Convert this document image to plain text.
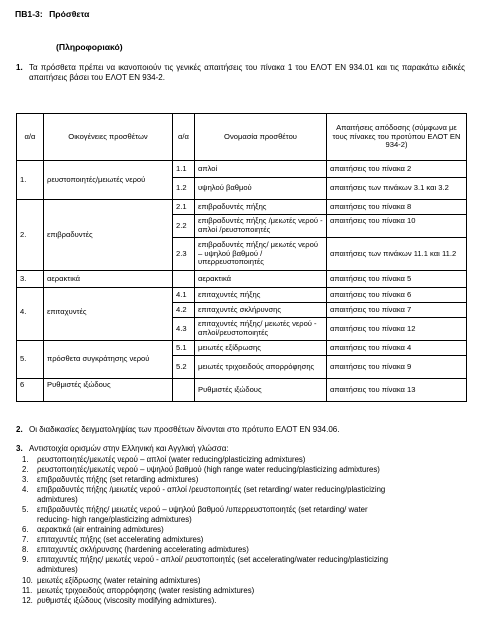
ΠΒ1-3: Πρόσθετα
(Πληροφοριακό)
1. Τα πρόσθετα πρέπει να ικανοποιούν τις γενικές απαιτήσεις του πίνακα 1 του ΕΛΟΤ ΕΝ 934.01 και τις παρακάτω ειδικές απαιτήσεις βάσει του ΕΛΟΤ ΕΝ 934-2.
α/α	Οικογένειες προσθέτων	α/α	Ονομασία προσθέτου	Απαιτήσεις απόδοσης (σύμφωνα με τους πίνακες του προτύπου ΕΛΟΤ ΕΝ 934-2)
1.	ρευστοποιητές/μειωτές νερού	1.1	απλοί	απαιτήσεις του πίνακα 2
		1.2	υψηλού βαθμού	απαιτήσεις των πινάκων 3.1 και 3.2
2.	επιβραδυντές	2.1	επιβραδυντές πήξης	απαιτήσεις του πίνακα 8
		2.2	επιβραδυντές πήξης /μειωτές νερού - απλοί /ρευστοποιητές	απαιτήσεις του πίνακα 10
		2.3	επιβραδυντές πήξης/ μειωτές νερού – υψηλού βαθμού / υπερρευστοποιητές	απαιτήσεις των πινάκων 11.1 και 11.2
3.	αερακτικά		αερακτικά	απαιτήσεις του πίνακα 5
4.	επιταχυντές	4.1	επιταχυντές πήξης	απαιτήσεις του πίνακα 6
		4.2	επιταχυντές σκλήρυνσης	απαιτήσεις του πίνακα 7
		4.3	επιταχυντές πήξης/ μειωτές νερού - απλοί/ρευστοποιητές	απαιτήσεις του πίνακα 12
5.	πρόσθετα συγκράτησης νερού	5.1	μειωτές εξίδρωσης	απαιτήσεις του πίνακα 4
		5.2	μειωτές τριχοειδούς απορρόφησης	απαιτήσεις του πίνακα 9
6	Ρυθμιστές ιξώδους		Ρυθμιστές ιξώδους	απαιτήσεις του πίνακα 13
2. Οι διαδικασίες δειγματοληψίας των προσθέτων δίνονται στο πρότυπο ΕΛΟΤ ΕΝ 934.06.
3. Αντιστοιχία ορισμών στην Ελληνική και Αγγλική γλώσσα:
1. ρευστοποιητές/μειωτές νερού – απλοί (water reducing/plasticizing admixtures)
2. ρευστοποιητές/μειωτές νερού – υψηλού βαθμού (high range water reducing/plasticizing admixtures)
3. επιβραδυντές πήξης (set retarding admixtures)
4. επιβραδυντές πήξης /μειωτές νερού - απλοί /ρευστοποιητές (set retarding/ water reducing/plasticizing
admixtures)
5. επιβραδυντές πήξης/ μειωτές νερού – υψηλού βαθμού /υπερρευστοποιητές (set retarding/ water
reducing- high range/plasticizing admixtures)
6. αερακτικά (air entraining admixtures)
7. επιταχυντές πήξης (set accelerating admixtures)
8. επιταχυντές σκλήρυνσης (hardening accelerating admixtures)
9. επιταχυντές πήξης/ μειωτές νερού - απλοί/ ρευστοποιητές (set accelerating/water reducing/plasticizing
admixtures)
10. μειωτές εξίδρωσης (water retaining admixtures)
11. μειωτές τριχοειδούς απορρόφησης (water resisting admixtures)
12. ρυθμιστές ιξώδους (viscosity modifying admixtures).
